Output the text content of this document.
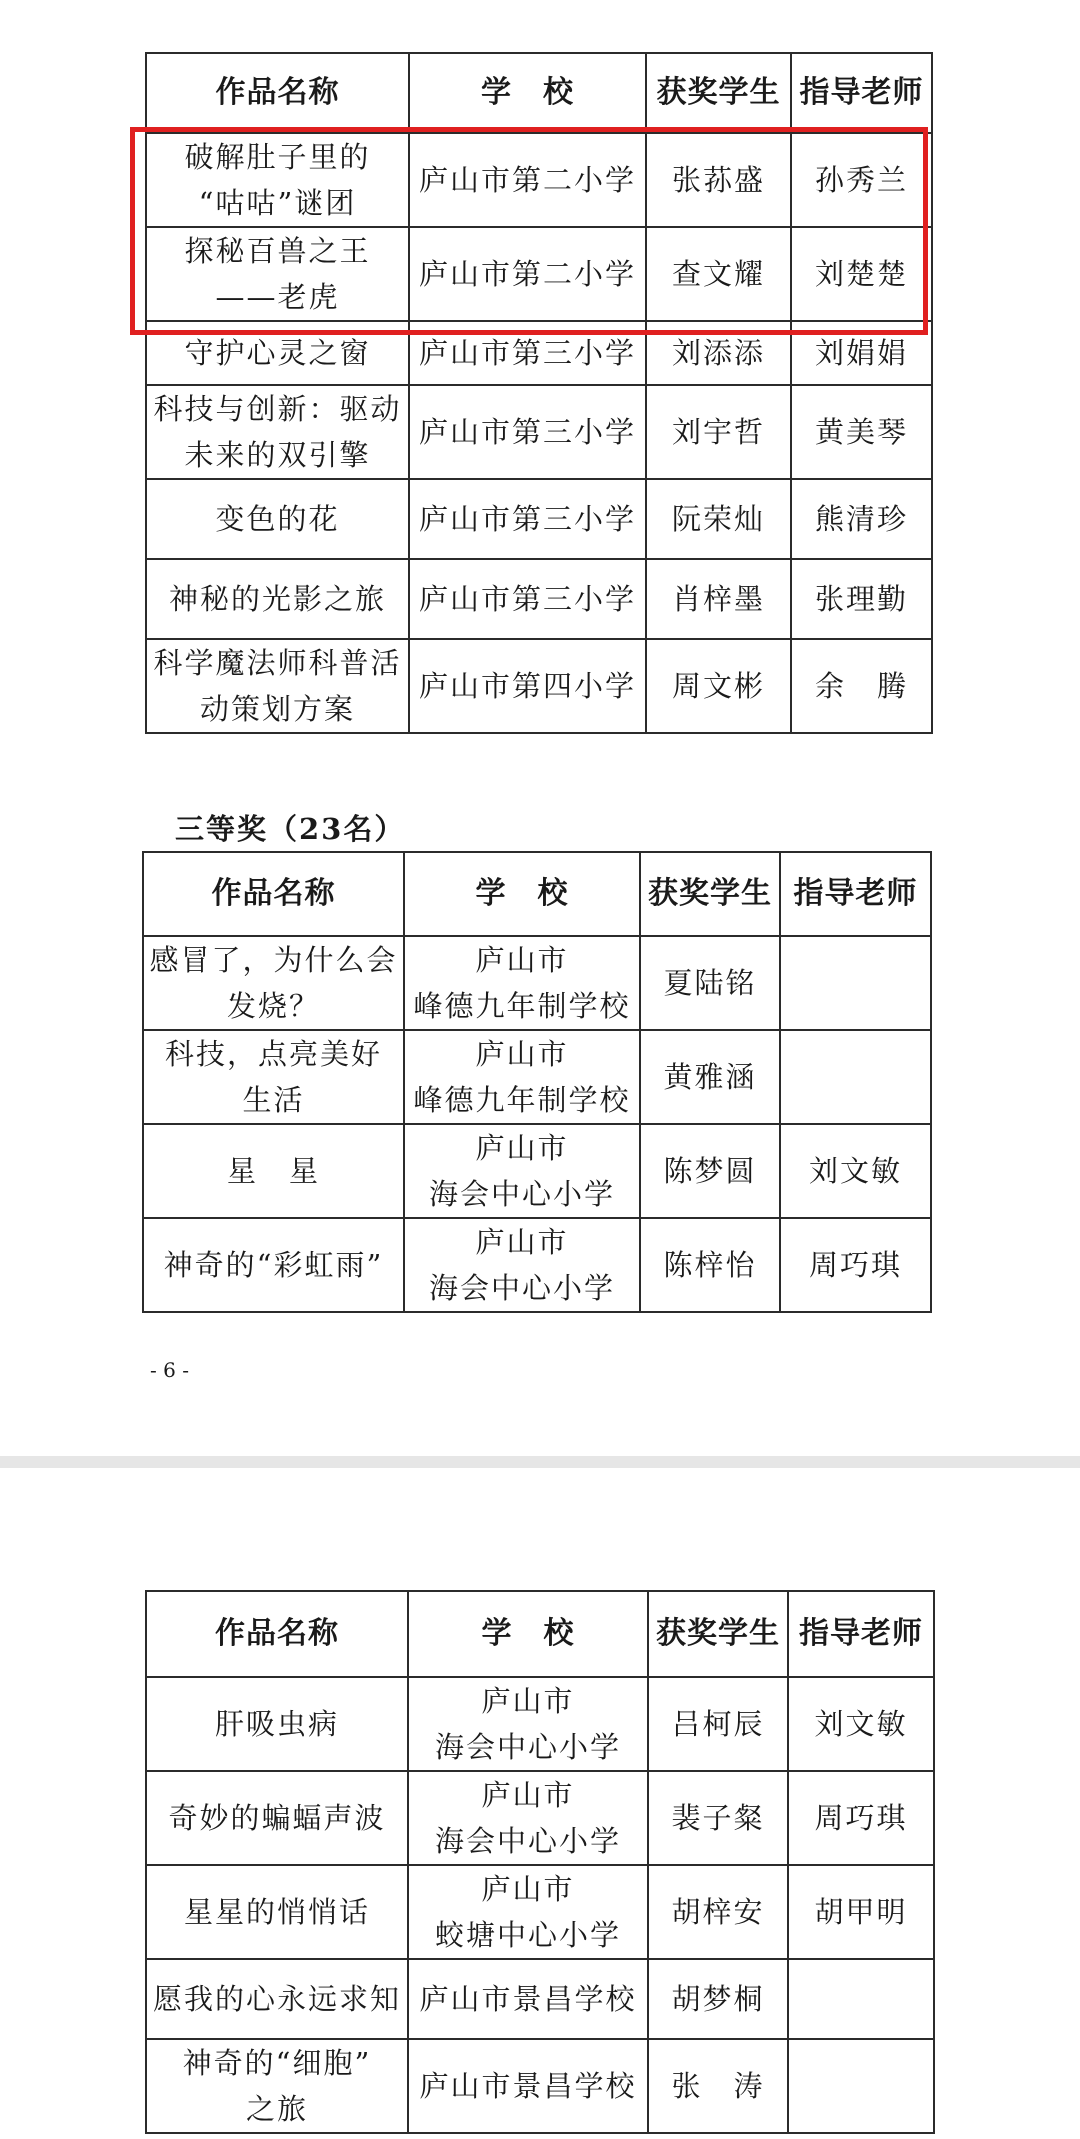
作品名称	学　校	获奖学生	指导老师

破解肚子里的
“咕咕”谜团	庐山市第二小学	张荪盛	孙秀兰

探秘百兽之王
——老虎	庐山市第二小学	查文耀	刘楚楚

守护心灵之窗	庐山市第三小学	刘添添	刘娟娟

科技与创新：驱动
未来的双引擎	庐山市第三小学	刘宇哲	黄美琴

变色的花	庐山市第三小学	阮荣灿	熊清珍

神秘的光影之旅	庐山市第三小学	肖梓墨	张理勤

科学魔法师科普活
动策划方案	庐山市第四小学	周文彬	余　腾
三等奖（23名）
作品名称	学　校	获奖学生	指导老师

感冒了，为什么会
发烧？	庐山市
峰德九年制学校	夏陆铭	

科技，点亮美好
生活	庐山市
峰德九年制学校	黄雅涵	

星　星	庐山市
海会中心小学	陈梦圆	刘文敏

神奇的“彩虹雨”	庐山市
海会中心小学	陈梓怡	周巧琪
- 6 -
作品名称	学　校	获奖学生	指导老师

肝吸虫病	庐山市
海会中心小学	吕柯辰	刘文敏

奇妙的蝙蝠声波	庐山市
海会中心小学	裴子粲	周巧琪

星星的悄悄话	庐山市
蛟塘中心小学	胡梓安	胡甲明

愿我的心永远求知	庐山市景昌学校	胡梦桐	

神奇的“细胞”
之旅	庐山市景昌学校	张　涛	
